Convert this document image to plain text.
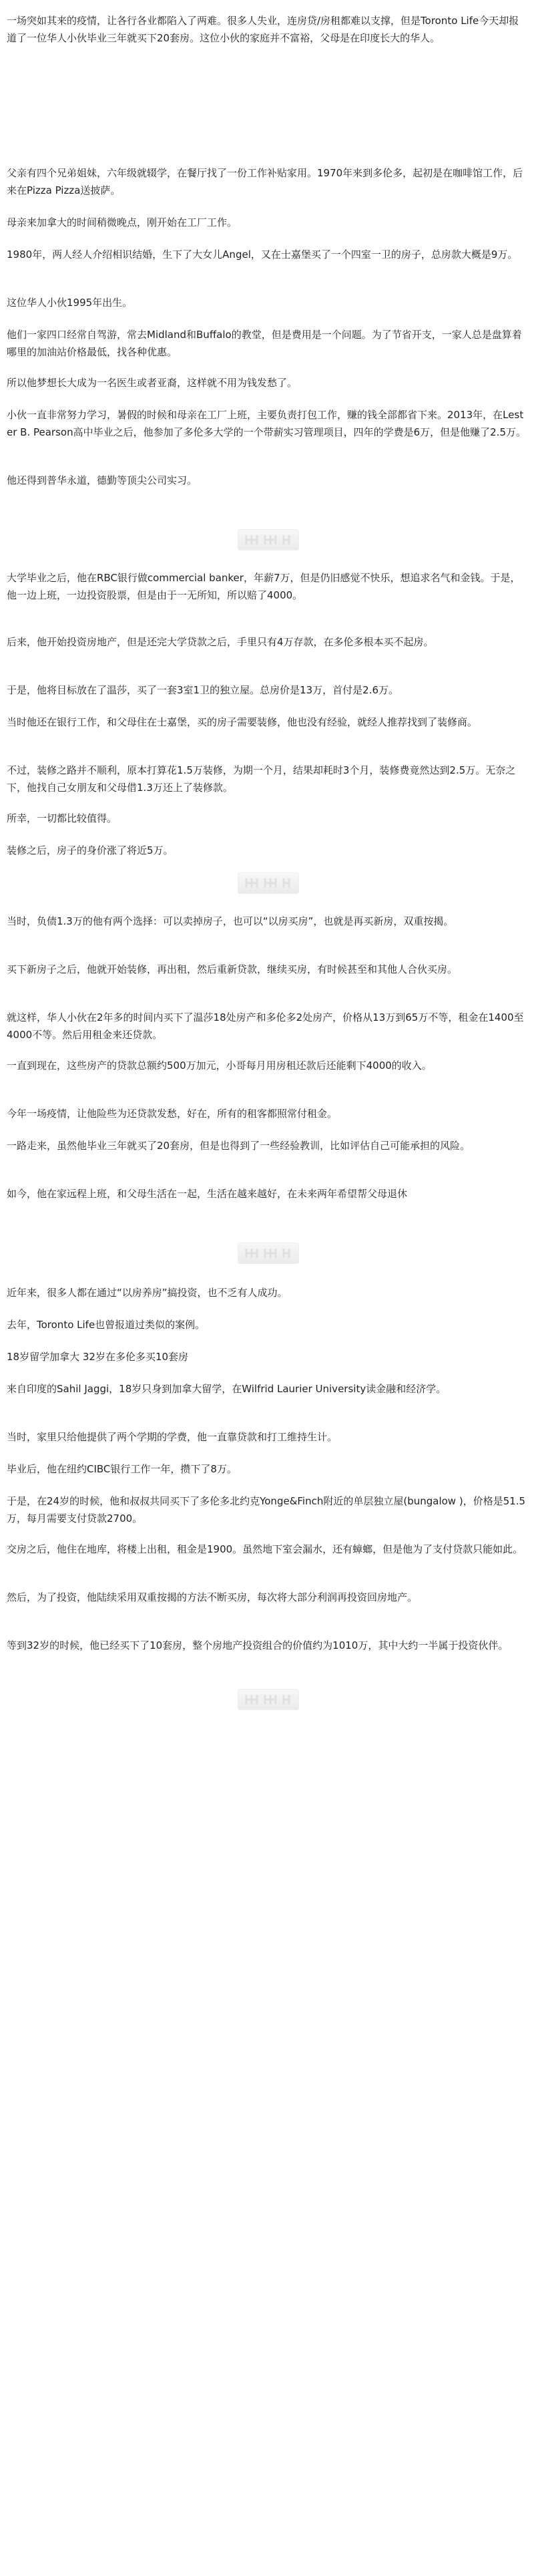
一场突如其来的疫情，让各行各业都陷入了两难。很多人失业，连房贷/房租都难以支撑，但是Toronto Life今天却报道了一位华人小伙毕业三年就买下20套房。这位小伙的家庭并不富裕，父母是在印度长大的华人。

父亲有四个兄弟姐妹，六年级就辍学，在餐厅找了一份工作补贴家用。1970年来到多伦多，起初是在咖啡馆工作，后来在Pizza Pizza送披萨。

母亲来加拿大的时间稍微晚点，刚开始在工厂工作。

1980年，两人经人介绍相识结婚，生下了大女儿Angel，又在士嘉堡买了一个四室一卫的房子，总房款大概是9万。

这位华人小伙1995年出生。

他们一家四口经常自驾游，常去Midland和Buffalo的教堂，但是费用是一个问题。为了节省开支，一家人总是盘算着哪里的加油站价格最低，找各种优惠。

所以他梦想长大成为一名医生或者亚裔，这样就不用为钱发愁了。

小伙一直非常努力学习，暑假的时候和母亲在工厂上班，主要负责打包工作，赚的钱全部都省下来。2013年，在Lester B. Pearson高中毕业之后，他参加了多伦多大学的一个带薪实习管理项目，四年的学费是6万，但是他赚了2.5万。

他还得到普华永道，德勤等顶尖公司实习。

大学毕业之后，他在RBC银行做commercial banker，年薪7万，但是仍旧感觉不快乐，想追求名气和金钱。于是，他一边上班，一边投资股票，但是由于一无所知，所以赔了4000。

后来，他开始投资房地产，但是还完大学贷款之后，手里只有4万存款，在多伦多根本买不起房。

于是，他将目标放在了温莎，买了一套3室1卫的独立屋。总房价是13万，首付是2.6万。

当时他还在银行工作，和父母住在士嘉堡，买的房子需要装修，他也没有经验，就经人推荐找到了装修商。

不过，装修之路并不顺利，原本打算花1.5万装修，为期一个月，结果却耗时3个月，装修费竟然达到2.5万。无奈之下，他找自己女朋友和父母借1.3万还上了装修款。

所幸，一切都比较值得。

装修之后，房子的身价涨了将近5万。

当时，负债1.3万的他有两个选择：可以卖掉房子，也可以“以房买房”，也就是再买新房，双重按揭。

买下新房子之后，他就开始装修，再出租，然后重新贷款，继续买房，有时候甚至和其他人合伙买房。

就这样，华人小伙在2年多的时间内买下了温莎18处房产和多伦多2处房产，价格从13万到65万不等，租金在1400至4000不等。然后用租金来还贷款。

一直到现在，这些房产的贷款总额约500万加元，小哥每月用房租还款后还能剩下4000的收入。

今年一场疫情，让他险些为还贷款发愁，好在，所有的租客都照常付租金。

一路走来，虽然他毕业三年就买了20套房，但是也得到了一些经验教训，比如评估自己可能承担的风险。

如今，他在家远程上班，和父母生活在一起，生活在越来越好，在未来两年希望帮父母退休

近年来，很多人都在通过“以房养房”搞投资，也不乏有人成功。

去年，Toronto Life也曾报道过类似的案例。

18岁留学加拿大 32岁在多伦多买10套房

来自印度的Sahil Jaggi，18岁只身到加拿大留学，在Wilfrid Laurier University读金融和经济学。

当时，家里只给他提供了两个学期的学费，他一直靠贷款和打工维持生计。

毕业后，他在纽约CIBC银行工作一年，攒下了8万。

于是，在24岁的时候，他和叔叔共同买下了多伦多北约克Yonge&Finch附近的单层独立屋(bungalow )，价格是51.5万，每月需要支付贷款2700。

交房之后，他住在地库，将楼上出租，租金是1900。虽然地下室会漏水，还有蟑螂，但是他为了支付贷款只能如此。

然后，为了投资，他陆续采用双重按揭的方法不断买房，每次将大部分利润再投资回房地产。

等到32岁的时候，他已经买下了10套房，整个房地产投资组合的价值约为1010万，其中大约一半属于投资伙伴。
